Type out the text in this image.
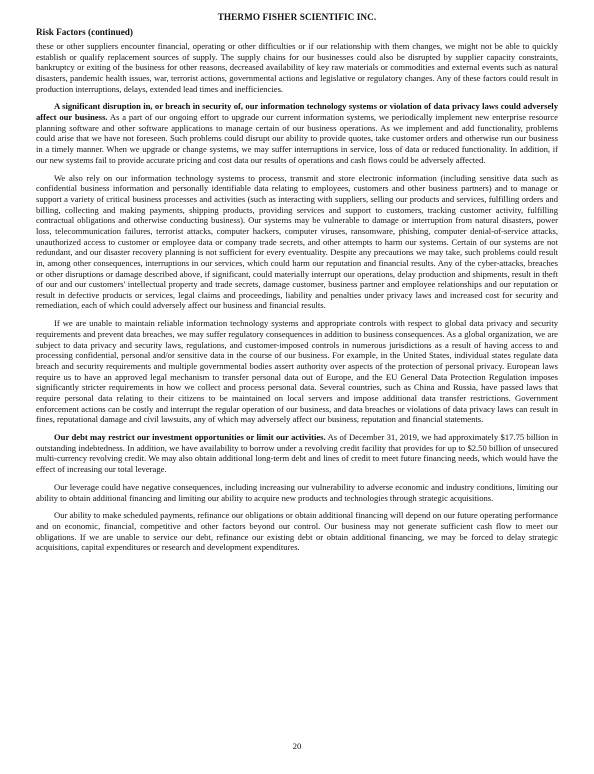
THERMO FISHER SCIENTIFIC INC.
Risk Factors (continued)

these or other suppliers encounter financial, operating or other difficulties or if our relationship with them changes, we might not be able to quickly establish or qualify replacement sources of supply. The supply chains for our businesses could also be disrupted by supplier capacity constraints, bankruptcy or exiting of the business for other reasons, decreased availability of key raw materials or commodities and external events such as natural disasters, pandemic health issues, war, terrorist actions, governmental actions and legislative or regulatory changes. Any of these factors could result in production interruptions, delays, extended lead times and inefficiencies.

A significant disruption in, or breach in security of, our information technology systems or violation of data privacy laws could adversely affect our business. As a part of our ongoing effort to upgrade our current information systems, we periodically implement new enterprise resource planning software and other software applications to manage certain of our business operations. As we implement and add functionality, problems could arise that we have not foreseen. Such problems could disrupt our ability to provide quotes, take customer orders and otherwise run our business in a timely manner. When we upgrade or change systems, we may suffer interruptions in service, loss of data or reduced functionality. In addition, if our new systems fail to provide accurate pricing and cost data our results of operations and cash flows could be adversely affected.

We also rely on our information technology systems to process, transmit and store electronic information (including sensitive data such as confidential business information and personally identifiable data relating to employees, customers and other business partners) and to manage or support a variety of critical business processes and activities (such as interacting with suppliers, selling our products and services, fulfilling orders and billing, collecting and making payments, shipping products, providing services and support to customers, tracking customer activity, fulfilling contractual obligations and otherwise conducting business). Our systems may be vulnerable to damage or interruption from natural disasters, power loss, telecommunication failures, terrorist attacks, computer hackers, computer viruses, ransomware, phishing, computer denial-of-service attacks, unauthorized access to customer or employee data or company trade secrets, and other attempts to harm our systems. Certain of our systems are not redundant, and our disaster recovery planning is not sufficient for every eventuality. Despite any precautions we may take, such problems could result in, among other consequences, interruptions in our services, which could harm our reputation and financial results. Any of the cyber-attacks, breaches or other disruptions or damage described above, if significant, could materially interrupt our operations, delay production and shipments, result in theft of our and our customers' intellectual property and trade secrets, damage customer, business partner and employee relationships and our reputation or result in defective products or services, legal claims and proceedings, liability and penalties under privacy laws and increased cost for security and remediation, each of which could adversely affect our business and financial results.

If we are unable to maintain reliable information technology systems and appropriate controls with respect to global data privacy and security requirements and prevent data breaches, we may suffer regulatory consequences in addition to business consequences. As a global organization, we are subject to data privacy and security laws, regulations, and customer-imposed controls in numerous jurisdictions as a result of having access to and processing confidential, personal and/or sensitive data in the course of our business. For example, in the United States, individual states regulate data breach and security requirements and multiple governmental bodies assert authority over aspects of the protection of personal privacy. European laws require us to have an approved legal mechanism to transfer personal data out of Europe, and the EU General Data Protection Regulation imposes significantly stricter requirements in how we collect and process personal data. Several countries, such as China and Russia, have passed laws that require personal data relating to their citizens to be maintained on local servers and impose additional data transfer restrictions. Government enforcement actions can be costly and interrupt the regular operation of our business, and data breaches or violations of data privacy laws can result in fines, reputational damage and civil lawsuits, any of which may adversely affect our business, reputation and financial statements.

Our debt may restrict our investment opportunities or limit our activities. As of December 31, 2019, we had approximately $17.75 billion in outstanding indebtedness. In addition, we have availability to borrow under a revolving credit facility that provides for up to $2.50 billion of unsecured multi-currency revolving credit. We may also obtain additional long-term debt and lines of credit to meet future financing needs, which would have the effect of increasing our total leverage.

Our leverage could have negative consequences, including increasing our vulnerability to adverse economic and industry conditions, limiting our ability to obtain additional financing and limiting our ability to acquire new products and technologies through strategic acquisitions.

Our ability to make scheduled payments, refinance our obligations or obtain additional financing will depend on our future operating performance and on economic, financial, competitive and other factors beyond our control. Our business may not generate sufficient cash flow to meet our obligations. If we are unable to service our debt, refinance our existing debt or obtain additional financing, we may be forced to delay strategic acquisitions, capital expenditures or research and development expenditures.

20
